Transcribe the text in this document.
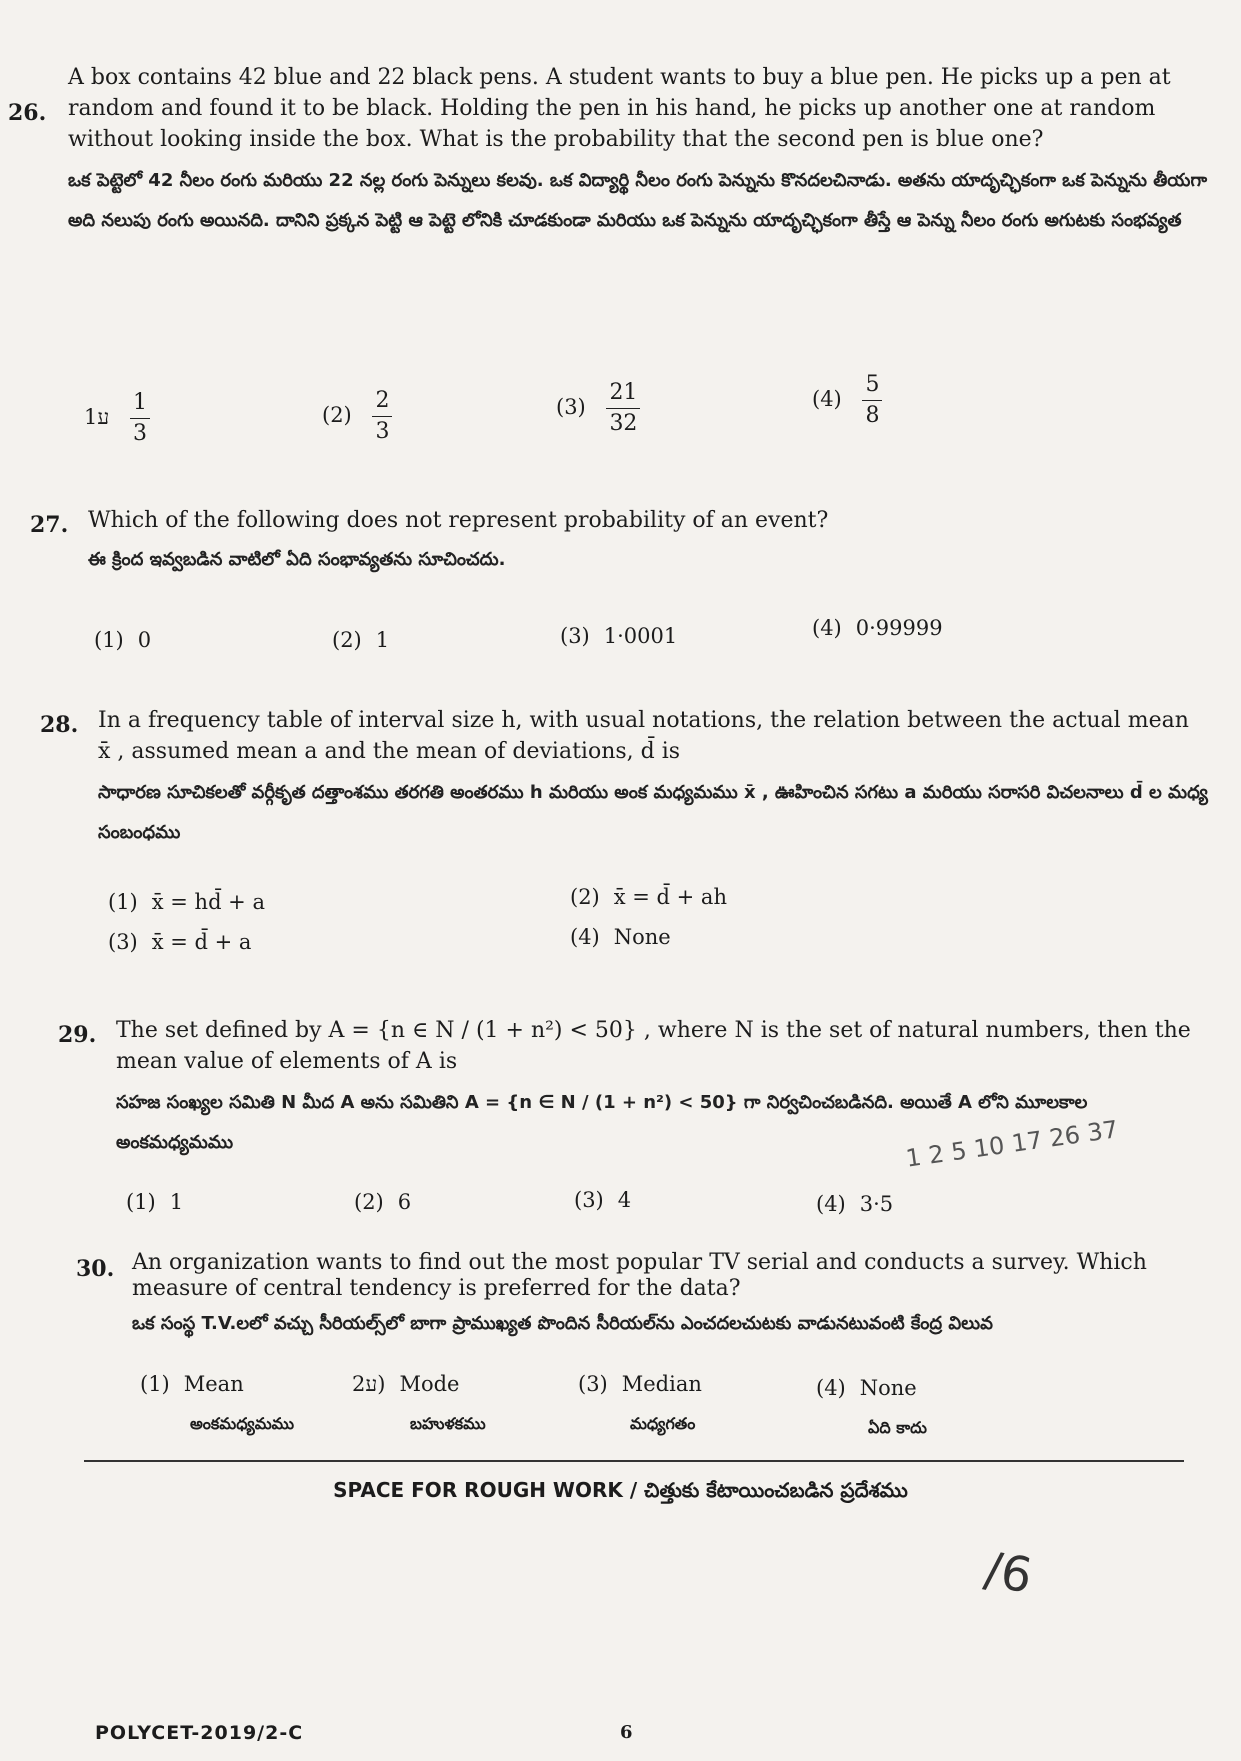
26.
A box contains 42 blue and 22 black pens. A student wants to buy a blue pen. He picks up a pen at random and found it to be black. Holding the pen in his hand, he picks up another one at random without looking inside the box. What is the probability that the second pen is blue one?
ఒక పెట్టెలో 42 నీలం రంగు మరియు 22 నల్ల రంగు పెన్నులు కలవు. ఒక విద్యార్థి నీలం రంగు పెన్నును కొనదలచినాడు. అతను యాదృచ్ఛికంగా ఒక పెన్నును తీయగా అది నలుపు రంగు అయినది. దానిని ప్రక్కన పెట్టి ఆ పెట్టె లోనికి చూడకుండా మరియు ఒక పెన్నును యాదృచ్ఛికంగా తీస్తే ఆ పెన్ను నీలం రంగు అగుటకు సంభవ్యత
ע1 $\frac{1}{3}$	$(2) \frac{2}{3}$	$(3) \frac{21}{32}$	$(4) \frac{5}{8}$
27. Which of the following does not represent probability of an event?
ఈ క్రింద ఇవ్వబడిన వాటిలో ఏది సంభావ్యతను సూచించదు.
(1) 0	(2) 1	(3) 1·0001	(4) 0·99999
28. In a frequency table of interval size h, with usual notations, the relation between the actual mean x̄ , assumed mean a and the mean of deviations, d̄ is
సాధారణ సూచికలతో వర్గీకృత దత్తాంశము తరగతి అంతరము h మరియు అంక మధ్యమము x̄ , ఊహించిన సగటు a మరియు సరాసరి విచలనాలు d̄ ల మధ్య సంబంధము
(1) x̄ = hd̄ + a	(2) x̄ = d̄ + ah
(3) x̄ = d̄ + a	(4) None
29. The set defined by A = {n ∈ N / (1 + n²) < 50} , where N is the set of natural numbers, then the mean value of elements of A is
సహజ సంఖ్యల సమితి N మీద A అను సమితిని A = {n ∈ N / (1 + n²) < 50} గా నిర్వచించబడినది. అయితే A లోని మూలకాల అంకమధ్యమము
(1) 1	(2) 6	(3) 4	(4) 3·5
30. An organization wants to find out the most popular TV serial and conducts a survey. Which measure of central tendency is preferred for the data?
ఒక సంస్థ T.V.లలో వచ్చు సీరియల్స్‌లో బాగా ప్రాముఖ్యత పొందిన సీరియల్‌ను ఎంచదలచుటకు వాడునటువంటి కేంద్ర విలువ
(1) Mean
అంకమధ్యమము
ע2) Mode
బహుళకము
(3) Median
మధ్యగతం
(4) None
ఏది కాదు
SPACE FOR ROUGH WORK / చిత్తుకు కేటాయించబడిన ప్రదేశము
1 2 5 10 17 26 37
/6
POLYCET-2019/2-C	6
